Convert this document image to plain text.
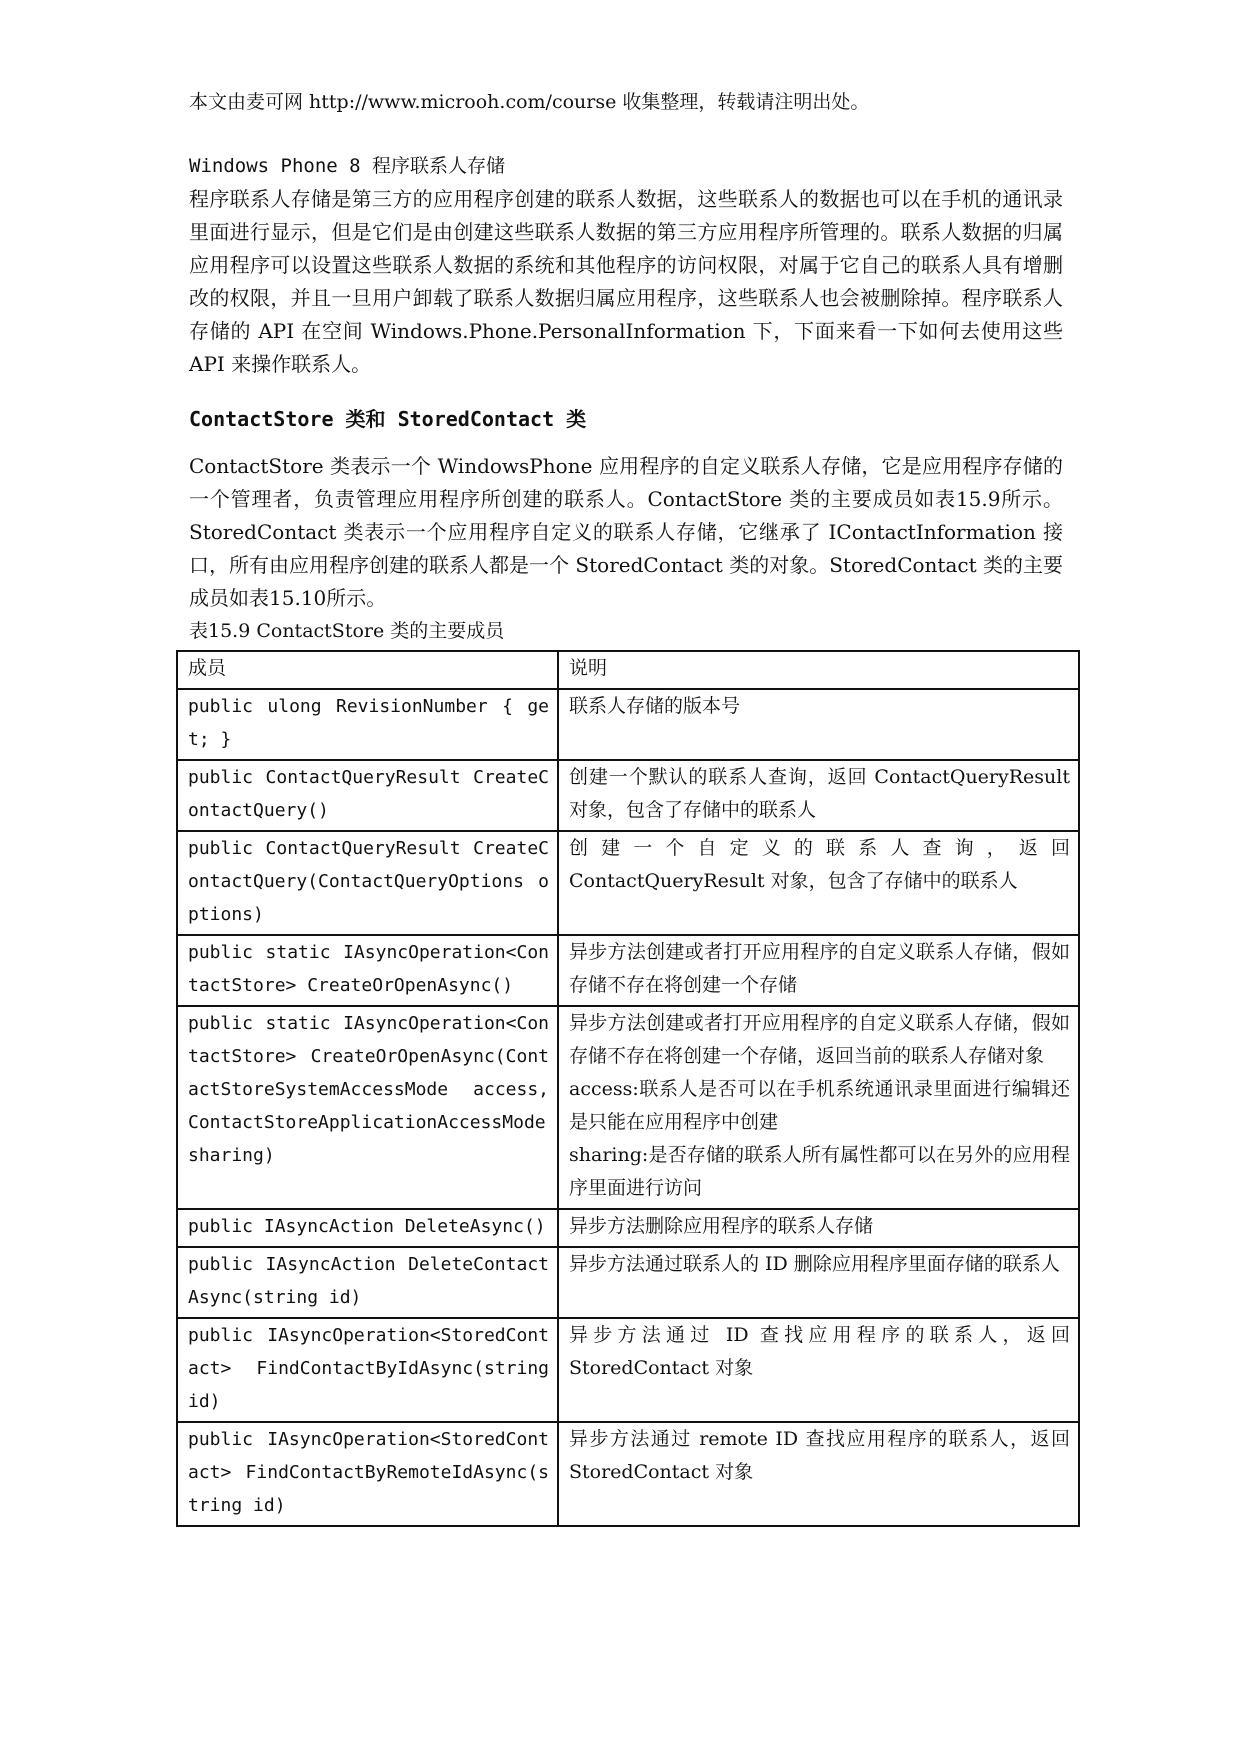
本文由麦可网 http://www.microoh.com/course 收集整理，转载请注明出处。

Windows Phone 8 程序联系人存储

程序联系人存储是第三方的应用程序创建的联系人数据，这些联系人的数据也可以在手机的通讯录里面进行显示，但是它们是由创建这些联系人数据的第三方应用程序所管理的。联系人数据的归属应用程序可以设置这些联系人数据的系统和其他程序的访问权限，对属于它自己的联系人具有增删改的权限，并且一旦用户卸载了联系人数据归属应用程序，这些联系人也会被删除掉。程序联系人存储的 API 在空间 Windows.Phone.PersonalInformation 下，下面来看一下如何去使用这些 API 来操作联系人。

ContactStore 类和 StoredContact 类

ContactStore 类表示一个 WindowsPhone 应用程序的自定义联系人存储，它是应用程序存储的一个管理者，负责管理应用程序所创建的联系人。ContactStore 类的主要成员如表15.9所示。StoredContact 类表示一个应用程序自定义的联系人存储，它继承了 IContactInformation 接口，所有由应用程序创建的联系人都是一个 StoredContact 类的对象。StoredContact 类的主要成员如表15.10所示。

表15.9 ContactStore 类的主要成员

成员	说明
public ulong RevisionNumber { get; }	联系人存储的版本号

public ContactQueryResult CreateContactQuery()	创建一个默认的联系人查询，返回 ContactQueryResult 对象，包含了存储中的联系人

public ContactQueryResult CreateContactQuery(ContactQueryOptions options)	创建一个自定义的联系人查询，返回 ContactQueryResult 对象，包含了存储中的联系人

public static IAsyncOperation<ContactStore> CreateOrOpenAsync()	异步方法创建或者打开应用程序的自定义联系人存储，假如存储不存在将创建一个存储

public static IAsyncOperation<ContactStore> CreateOrOpenAsync(ContactStoreSystemAccessMode access, ContactStoreApplicationAccessMode sharing)	异步方法创建或者打开应用程序的自定义联系人存储，假如存储不存在将创建一个存储，返回当前的联系人存储对象
access:联系人是否可以在手机系统通讯录里面进行编辑还是只能在应用程序中创建
sharing:是否存储的联系人所有属性都可以在另外的应用程序里面进行访问

public IAsyncAction DeleteAsync()	异步方法删除应用程序的联系人存储

public IAsyncAction DeleteContactAsync(string id)	异步方法通过联系人的 ID 删除应用程序里面存储的联系人

public IAsyncOperation<StoredContact> FindContactByIdAsync(string id)	异步方法通过 ID 查找应用程序的联系人，返回 StoredContact 对象

public IAsyncOperation<StoredContact> FindContactByRemoteIdAsync(string id)	异步方法通过 remote ID 查找应用程序的联系人，返回 StoredContact 对象
